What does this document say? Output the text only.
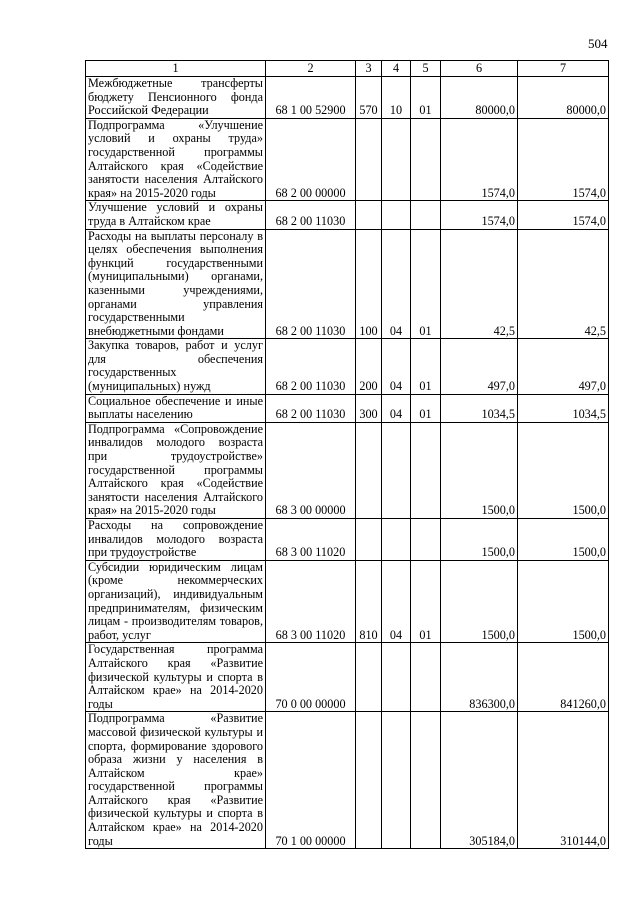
504
1	2	3	4	5	6	7
Межбюджетные трансферты бюджету Пенсионного фонда Российской Федерации	68 1 00 52900	570	10	01	80000,0	80000,0
Подпрограмма «Улучшение условий и охраны труда» государственной программы Алтайского края «Содействие занятости населения Алтайского края» на 2015-2020 годы	68 2 00 00000				1574,0	1574,0
Улучшение условий и охраны труда в Алтайском крае	68 2 00 11030				1574,0	1574,0
Расходы на выплаты персоналу в целях обеспечения выполнения функций государственными (муниципальными) органами, казенными учреждениями, органами управления государственными внебюджетными фондами	68 2 00 11030	100	04	01	42,5	42,5
Закупка товаров, работ и услуг для обеспечения государственных (муниципальных) нужд	68 2 00 11030	200	04	01	497,0	497,0
Социальное обеспечение и иные выплаты населению	68 2 00 11030	300	04	01	1034,5	1034,5
Подпрограмма «Сопровождение инвалидов молодого возраста при трудоустройстве» государственной программы Алтайского края «Содействие занятости населения Алтайского края» на 2015-2020 годы	68 3 00 00000				1500,0	1500,0
Расходы на сопровождение инвалидов молодого возраста при трудоустройстве	68 3 00 11020				1500,0	1500,0
Субсидии юридическим лицам (кроме некоммерческих организаций), индивидуальным предпринимателям, физическим лицам - производителям товаров, работ, услуг	68 3 00 11020	810	04	01	1500,0	1500,0
Государственная программа Алтайского края «Развитие физической культуры и спорта в Алтайском крае» на 2014-2020 годы	70 0 00 00000				836300,0	841260,0
Подпрограмма «Развитие массовой физической культуры и спорта, формирование здорового образа жизни у населения в Алтайском крае» государственной программы Алтайского края «Развитие физической культуры и спорта в Алтайском крае» на 2014-2020 годы	70 1 00 00000				305184,0	310144,0
